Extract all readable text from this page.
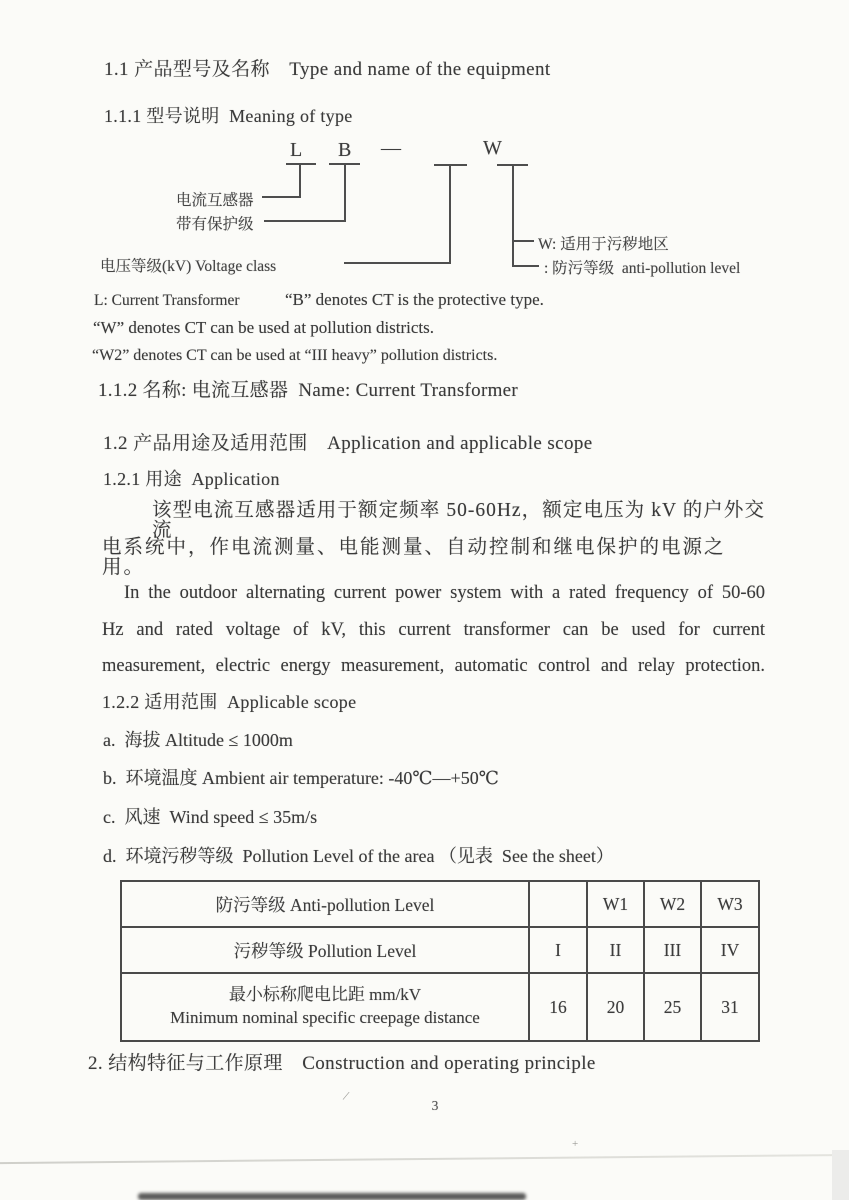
1.1 产品型号及名称　Type and name of the equipment
1.1.1 型号说明  Meaning of type
L B —	W
电流互感器
带有保护级
电压等级(kV) Voltage class
W: 适用于污秽地区
: 防污等级  anti-pollution level
L: Current Transformer	“B” denotes CT is the protective type.
“W” denotes CT can be used at pollution districts.
“W2” denotes CT can be used at “III heavy” pollution districts.
1.1.2 名称: 电流互感器  Name: Current Transformer
1.2 产品用途及适用范围　Application and applicable scope
1.2.1 用途  Application
该型电流互感器适用于额定频率 50-60Hz，额定电压为 kV 的户外交流
电系统中，作电流测量、电能测量、自动控制和继电保护的电源之用。
In the outdoor alternating current power system with a rated frequency of 50-60
Hz and rated voltage of kV, this current transformer can be used for current
measurement, electric energy measurement, automatic control and relay protection.
1.2.2 适用范围  Applicable scope
a.  海拔 Altitude ≤ 1000m
b.  环境温度 Ambient air temperature: -40℃—+50℃
c.  风速  Wind speed ≤ 35m/s
d.  环境污秽等级  Pollution Level of the area （见表  See the sheet）
防污等级 Anti-pollution Level		W1	W2	W3
污秽等级 Pollution Level	I	II	III	IV

最小标称爬电比距 mm/kV
Minimum nominal specific creepage distance	16	20	25	31
2. 结构特征与工作原理　Construction and operating principle
3
/
+
